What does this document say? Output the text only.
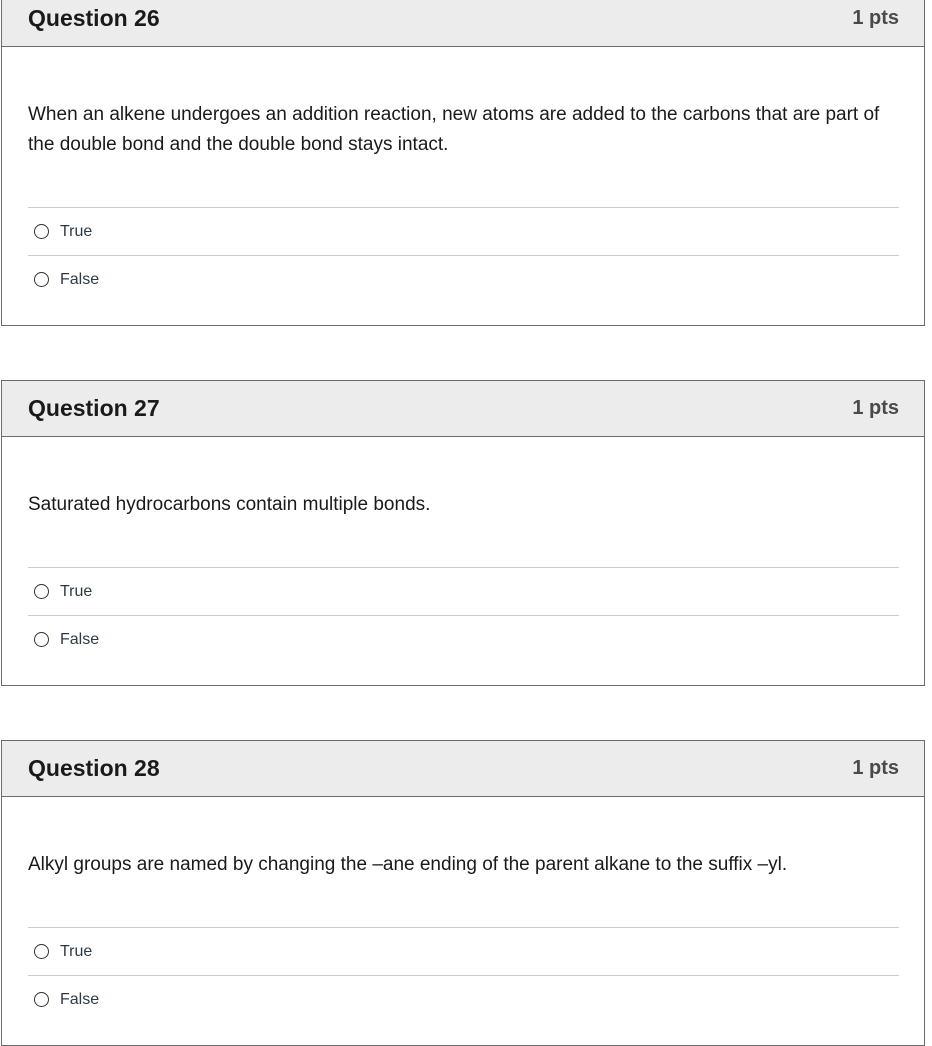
Question 26	1 pts

When an alkene undergoes an addition reaction, new atoms are added to the carbons that are part of the double bond and the double bond stays intact.

True
False
Question 27	1 pts

Saturated hydrocarbons contain multiple bonds.

True
False
Question 28	1 pts

Alkyl groups are named by changing the –ane ending of the parent alkane to the suffix –yl.

True
False
